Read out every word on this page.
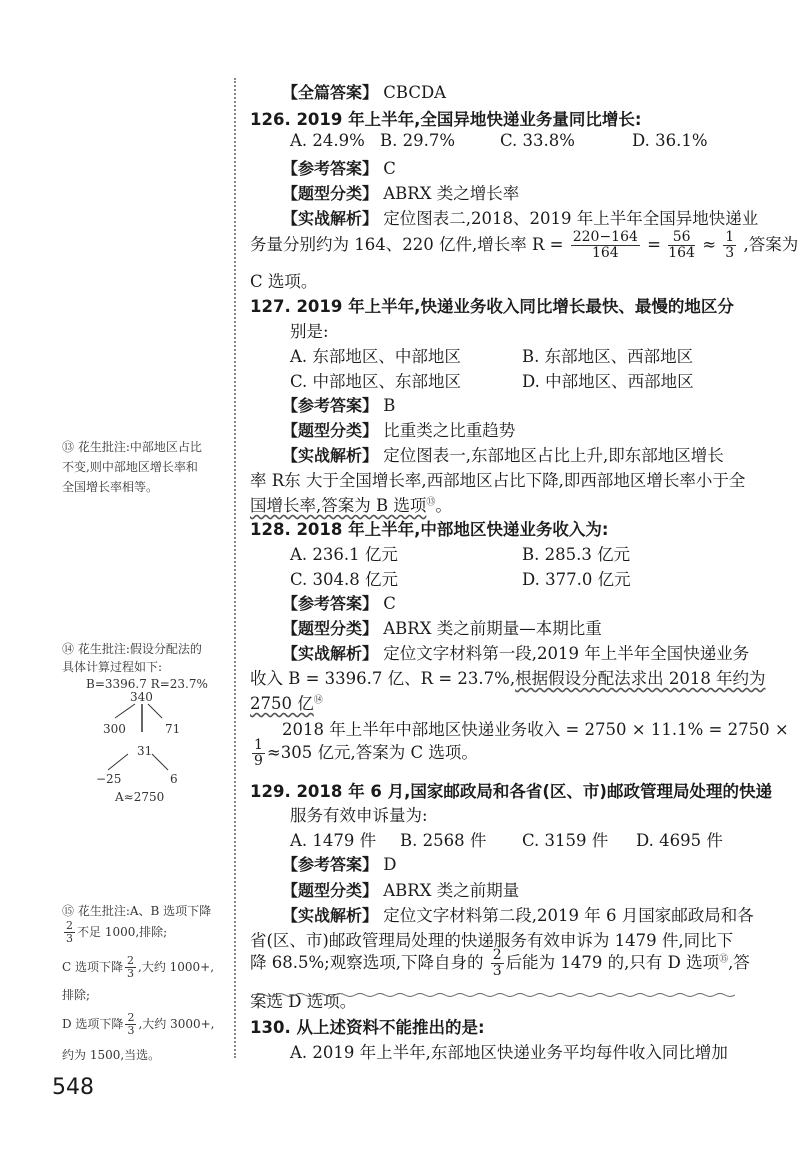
【全篇答案】 CBCDA
126. 2019 年上半年,全国异地快递业务量同比增长:
A. 24.9% B. 29.7%	C. 33.8%	D. 36.1%
【参考答案】 C
【题型分类】 ABRX 类之增长率
【实战解析】 定位图表二,2018、2019 年上半年全国异地快递业
务量分别约为 164、220 亿件,增长率 $R = \frac{220-164}{164} = \frac{56}{164} \approx \frac{1}{3}$ ,答案为
C 选项。
127. 2019 年上半年,快递业务收入同比增长最快、最慢的地区分
别是:
A. 东部地区、中部地区	B. 东部地区、西部地区
C. 中部地区、东部地区	D. 中部地区、西部地区
【参考答案】 B
【题型分类】 比重类之比重趋势
【实战解析】 定位图表一,东部地区占比上升,即东部地区增长
率 R东 大于全国增长率,西部地区占比下降,即西部地区增长率小于全
国增长率,答案为 B 选项⑬。
128. 2018 年上半年,中部地区快递业务收入为:
A. 236.1 亿元	B. 285.3 亿元
C. 304.8 亿元	D. 377.0 亿元
【参考答案】 C
【题型分类】 ABRX 类之前期量—本期比重
【实战解析】 定位文字材料第一段,2019 年上半年全国快递业务
收入 B = 3396.7 亿、R = 23.7%,根据假设分配法求出 2018 年约为
2750 亿⑭
2018 年上半年中部地区快递业务收入 = 2750 × 11.1% = 2750 ×
$\frac{1}{9} \approx 305$ 亿元,答案为 C 选项。
129. 2018 年 6 月,国家邮政局和各省(区、市)邮政管理局处理的快递
服务有效申诉量为:
A. 1479 件 B. 2568 件 C. 3159 件 D. 4695 件
【参考答案】 D
【题型分类】 ABRX 类之前期量
【实战解析】 定位文字材料第二段,2019 年 6 月国家邮政局和各
省(区、市)邮政管理局处理的快递服务有效申诉为 1479 件,同比下
降 68.5%;观察选项,下降自身的 $\frac{2}{3}$ 后能为 1479 的,只有 D 选项⑮,答
案选 D 选项。
130. 从上述资料不能推出的是:
A. 2019 年上半年,东部地区快递业务平均每件收入同比增加
⑬ 花生批注:中部地区占比
不变,则中部地区增长率和
全国增长率相等。
⑭ 花生批注:假设分配法的
具体计算过程如下:
B=3396.7 R=23.7%
340
300	71
31
−25	6
A≈2750
⑮ 花生批注:A、B 选项下降
$\frac{2}{3}$ 不足 1000,排除;
C 选项下降 $\frac{2}{3}$ ,大约 1000+,
排除;
D 选项下降 $\frac{2}{3}$ ,大约 3000+,
约为 1500,当选。
548
